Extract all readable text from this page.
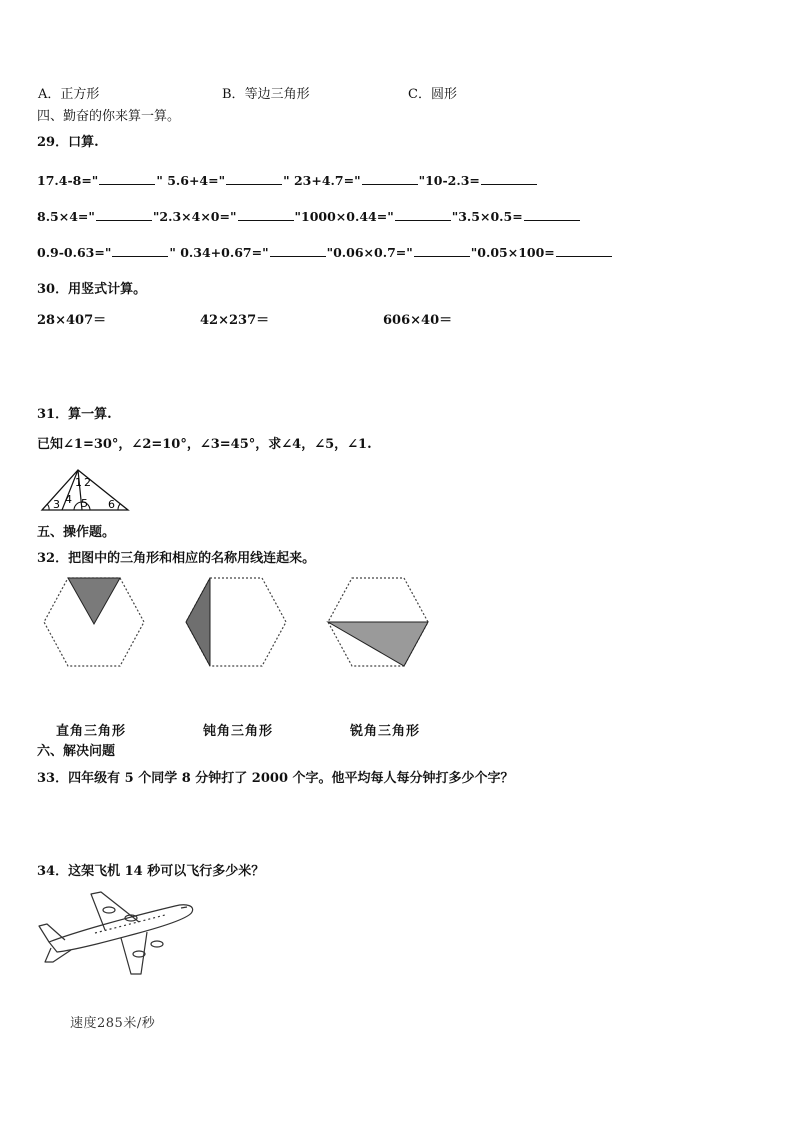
A．正方形	B．等边三角形	C．圆形
四、勤奋的你来算一算。
29．口算.
17.4-8="	" 5.6+4="	" 23+4.7="	"10-2.3=
8.5×4="	"2.3×4×0="	"1000×0.44="	"3.5×0.5=
0.9-0.63="	" 0.34+0.67="	"0.06×0.7="	"0.05×100=
30．用竖式计算。
28×407＝	42×237＝	606×40＝
31．算一算.
已知∠1=30°，∠2=10°，∠3=45°，求∠4，∠5，∠1.
1 2
3 4 5 6
五、操作题。
32．把图中的三角形和相应的名称用线连起来。
直角三角形	钝角三角形	锐角三角形
六、解决问题
33．四年级有 5 个同学 8 分钟打了 2000 个字。他平均每人每分钟打多少个字？
34．这架飞机 14 秒可以飞行多少米？
速度285米/秒
